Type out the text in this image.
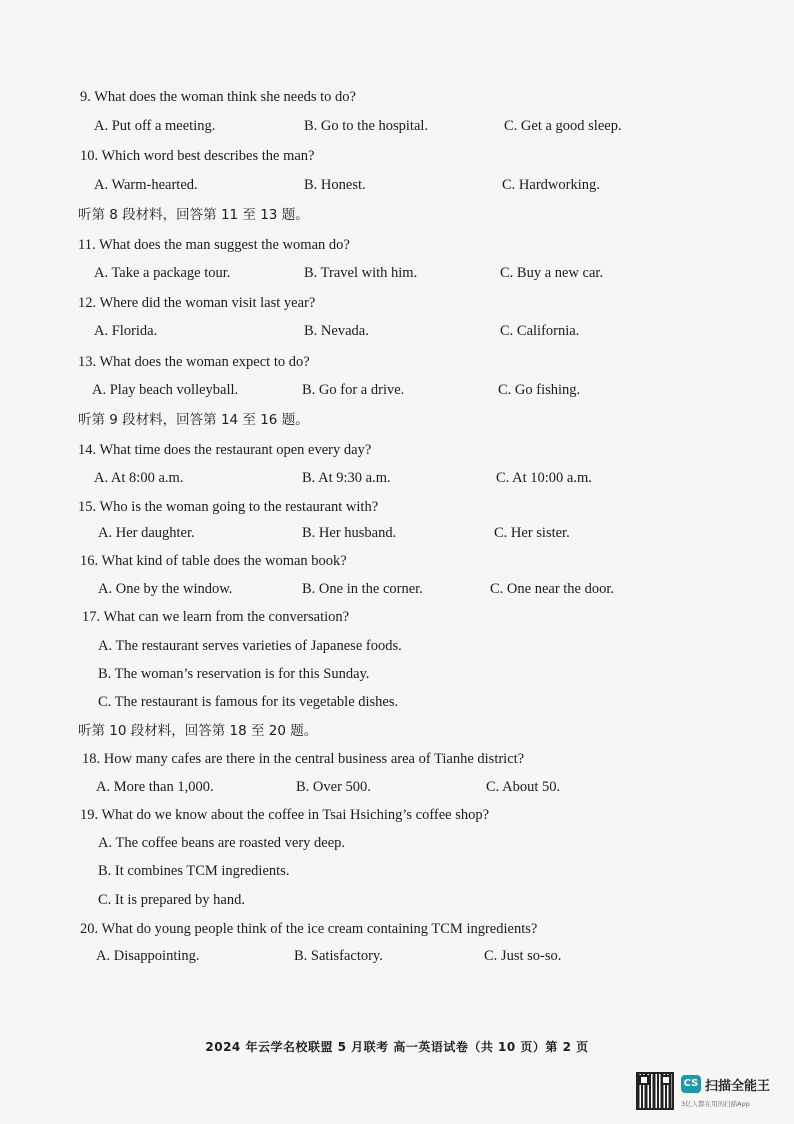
9. What does the woman think she needs to do?
A. Put off a meeting.	B. Go to the hospital.	C. Get a good sleep.
10. Which word best describes the man?
A. Warm-hearted.	B. Honest.	C. Hardworking.
听第 8 段材料，回答第 11 至 13 题。
11. What does the man suggest the woman do?
A. Take a package tour.	B. Travel with him.	C. Buy a new car.
12. Where did the woman visit last year?
A. Florida.	B. Nevada.	C. California.
13. What does the woman expect to do?
A. Play beach volleyball.	B. Go for a drive.	C. Go fishing.
听第 9 段材料，回答第 14 至 16 题。
14. What time does the restaurant open every day?
A. At 8:00 a.m.	B. At 9:30 a.m.	C. At 10:00 a.m.
15. Who is the woman going to the restaurant with?
A. Her daughter.	B. Her husband.	C. Her sister.
16. What kind of table does the woman book?
A. One by the window.	B. One in the corner.	C. One near the door.
17. What can we learn from the conversation?
A. The restaurant serves varieties of Japanese foods.
B. The woman’s reservation is for this Sunday.
C. The restaurant is famous for its vegetable dishes.
听第 10 段材料，回答第 18 至 20 题。
18. How many cafes are there in the central business area of Tianhe district?
A. More than 1,000.	B. Over 500.	C. About 50.
19. What do we know about the coffee in Tsai Hsiching’s coffee shop?
A. The coffee beans are roasted very deep.
B. It combines TCM ingredients.
C. It is prepared by hand.
20. What do young people think of the ice cream containing TCM ingredients?
A. Disappointing.	B. Satisfactory.	C. Just so-so.
2024 年云学名校联盟 5 月联考 高一英语试卷（共 10 页）第 2 页
CS 扫描全能王
3亿人都在用的扫描App
